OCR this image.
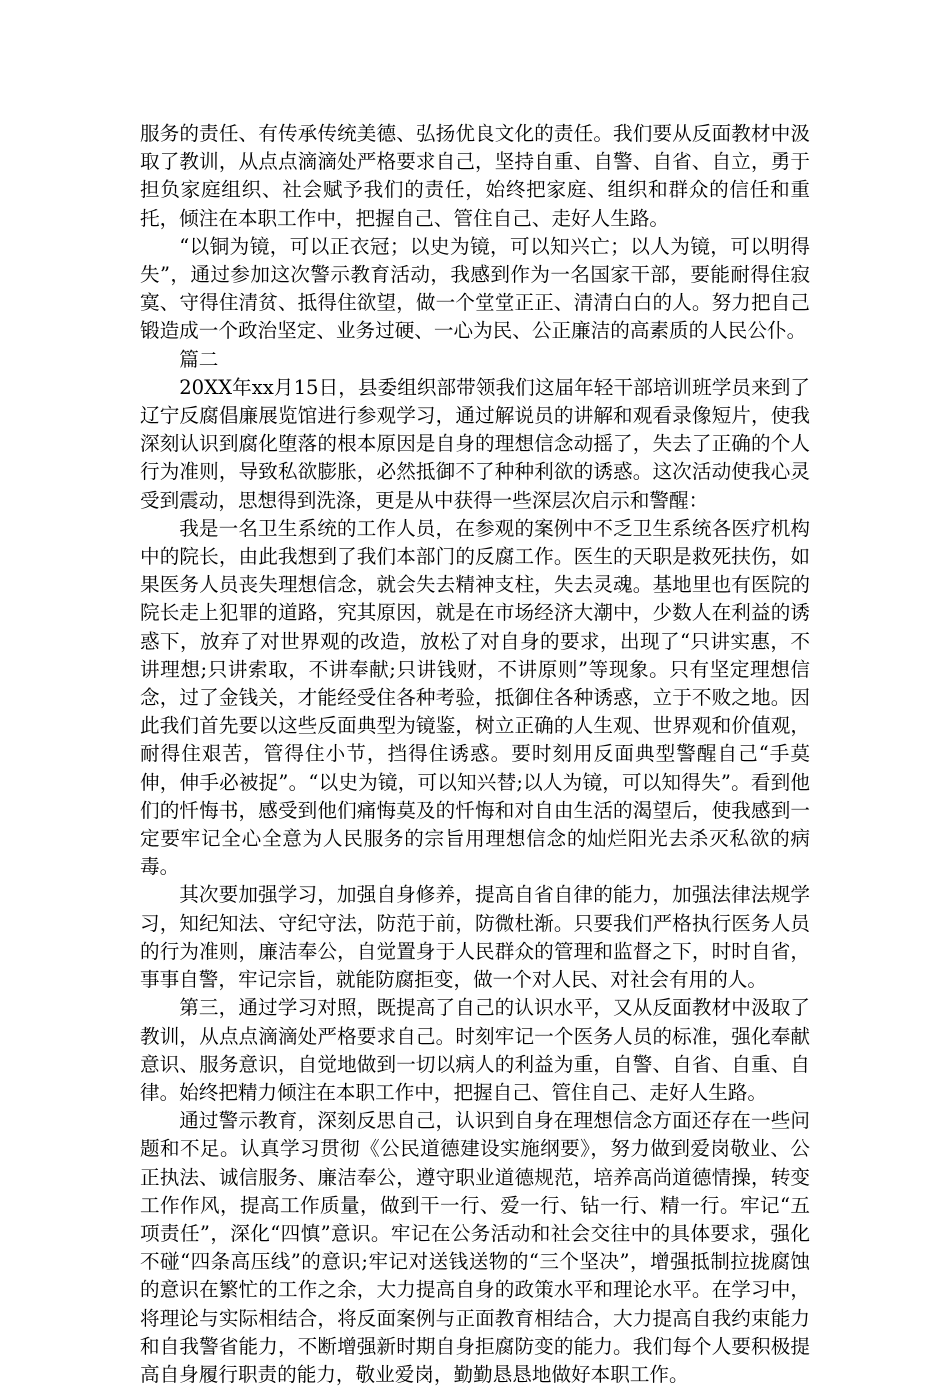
服务的责任、有传承传统美德、弘扬优良文化的责任。我们要从反面教材中汲取了教训，从点点滴滴处严格要求自己，坚持自重、自警、自省、自立，勇于担负家庭组织、社会赋予我们的责任，始终把家庭、组织和群众的信任和重托，倾注在本职工作中，把握自己、管住自己、走好人生路。

“以铜为镜，可以正衣冠；以史为镜，可以知兴亡；以人为镜，可以明得失”，通过参加这次警示教育活动，我感到作为一名国家干部，要能耐得住寂寞、守得住清贫、抵得住欲望，做一个堂堂正正、清清白白的人。努力把自己锻造成一个政治坚定、业务过硬、一心为民、公正廉洁的高素质的人民公仆。

篇二

20XX年xx月15日，县委组织部带领我们这届年轻干部培训班学员来到了辽宁反腐倡廉展览馆进行参观学习，通过解说员的讲解和观看录像短片，使我深刻认识到腐化堕落的根本原因是自身的理想信念动摇了，失去了正确的个人行为准则，导致私欲膨胀，必然抵御不了种种利欲的诱惑。这次活动使我心灵受到震动，思想得到洗涤，更是从中获得一些深层次启示和警醒：

我是一名卫生系统的工作人员，在参观的案例中不乏卫生系统各医疗机构中的院长，由此我想到了我们本部门的反腐工作。医生的天职是救死扶伤，如果医务人员丧失理想信念，就会失去精神支柱，失去灵魂。基地里也有医院的院长走上犯罪的道路，究其原因，就是在市场经济大潮中，少数人在利益的诱惑下，放弃了对世界观的改造，放松了对自身的要求，出现了“只讲实惠，不讲理想;只讲索取，不讲奉献;只讲钱财，不讲原则”等现象。只有坚定理想信念，过了金钱关，才能经受住各种考验，抵御住各种诱惑，立于不败之地。因此我们首先要以这些反面典型为镜鉴，树立正确的人生观、世界观和价值观，耐得住艰苦，管得住小节，挡得住诱惑。要时刻用反面典型警醒自己“手莫伸，伸手必被捉”。“以史为镜，可以知兴替;以人为镜，可以知得失”。看到他们的忏悔书，感受到他们痛悔莫及的忏悔和对自由生活的渴望后，使我感到一定要牢记全心全意为人民服务的宗旨用理想信念的灿烂阳光去杀灭私欲的病毒。

其次要加强学习，加强自身修养，提高自省自律的能力，加强法律法规学习，知纪知法、守纪守法，防范于前，防微杜渐。只要我们严格执行医务人员的行为准则，廉洁奉公，自觉置身于人民群众的管理和监督之下，时时自省，事事自警，牢记宗旨，就能防腐拒变，做一个对人民、对社会有用的人。

第三，通过学习对照，既提高了自己的认识水平，又从反面教材中汲取了教训，从点点滴滴处严格要求自己。时刻牢记一个医务人员的标准，强化奉献意识、服务意识，自觉地做到一切以病人的利益为重，自警、自省、自重、自律。始终把精力倾注在本职工作中，把握自己、管住自己、走好人生路。

通过警示教育，深刻反思自己，认识到自身在理想信念方面还存在一些问题和不足。认真学习贯彻《公民道德建设实施纲要》，努力做到爱岗敬业、公正执法、诚信服务、廉洁奉公，遵守职业道德规范，培养高尚道德情操，转变工作作风，提高工作质量，做到干一行、爱一行、钻一行、精一行。牢记“五项责任”，深化“四慎”意识。牢记在公务活动和社会交往中的具体要求，强化不碰“四条高压线”的意识;牢记对送钱送物的“三个坚决”，增强抵制拉拢腐蚀的意识在繁忙的工作之余，大力提高自身的政策水平和理论水平。在学习中，将理论与实际相结合，将反面案例与正面教育相结合，大力提高自我约束能力和自我警省能力，不断增强新时期自身拒腐防变的能力。我们每个人要积极提高自身履行职责的能力，敬业爱岗，勤勤恳恳地做好本职工作。
